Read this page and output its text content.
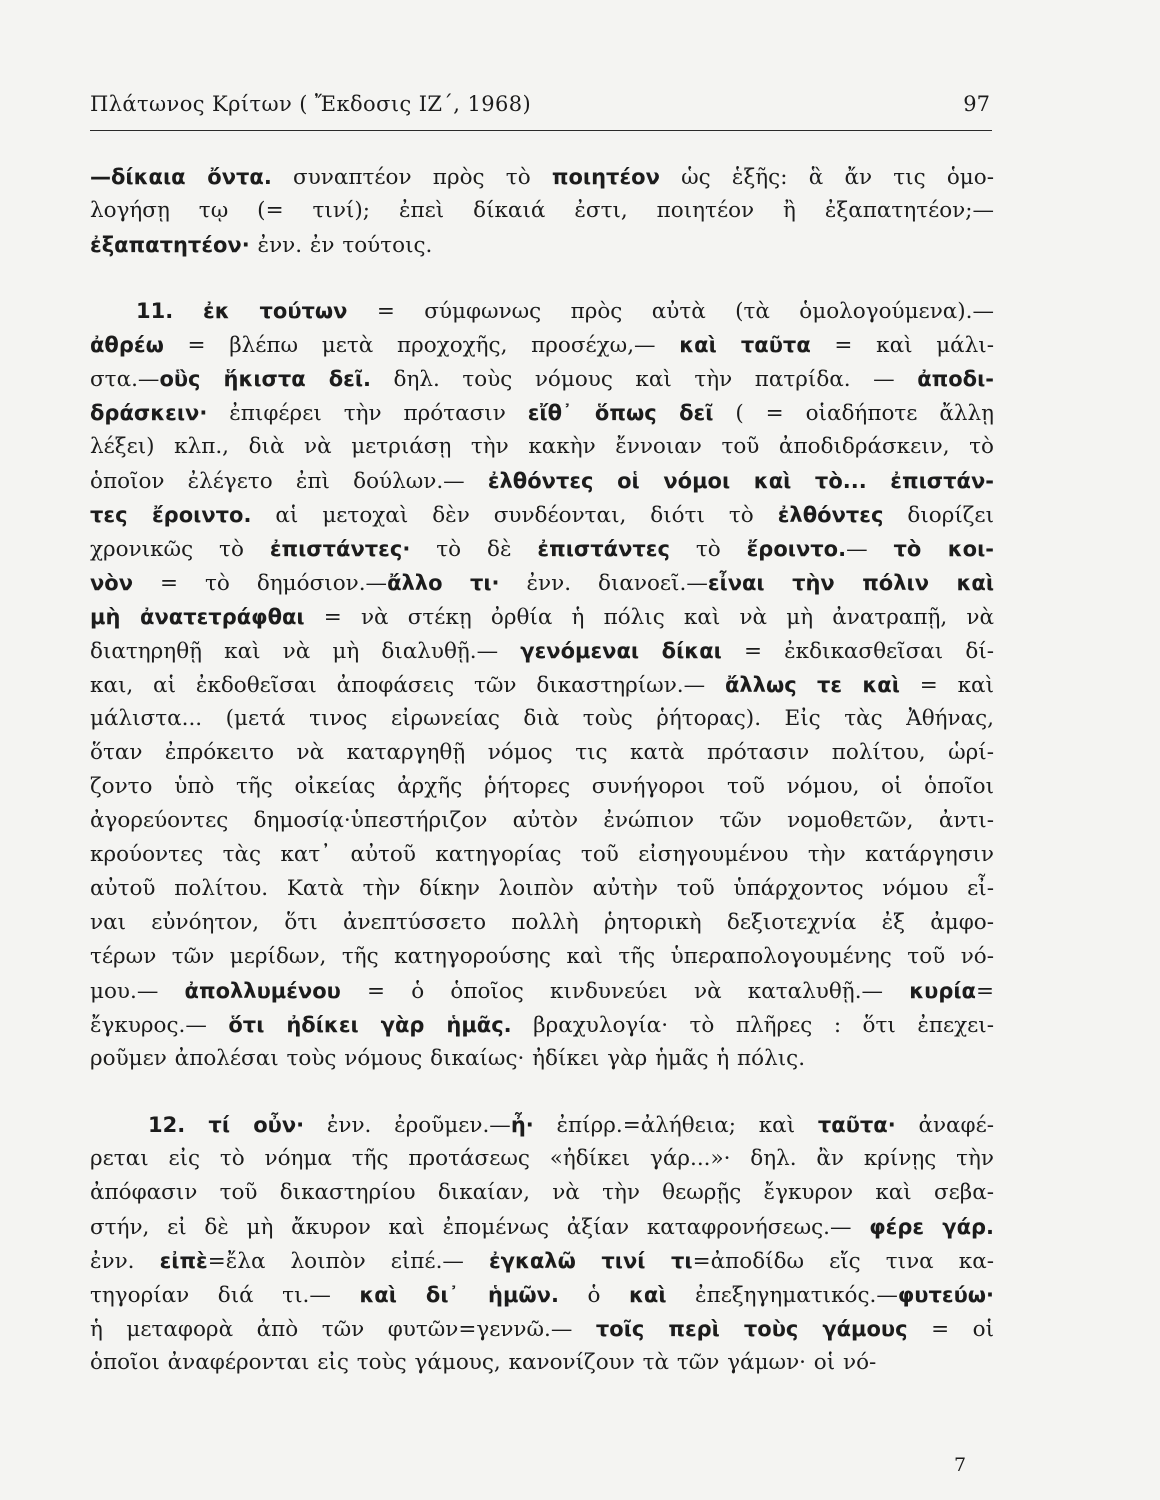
Πλάτωνος Κρίτων ( Ἔκδοσις ΙΖ΄, 1968)	97
—δίκαια ὄντα. συναπτέον πρὸς τὸ ποιητέον ὡς ἑξῆς: ἃ ἄν τις ὁμο-
λογήσῃ τῳ (= τινί); ἐπεὶ δίκαιά ἐστι, ποιητέον ἢ ἐξαπατητέον;—
ἐξαπατητέον· ἐνν. ἐν τούτοις.
11. ἐκ τούτων = σύμφωνως πρὸς αὐτὰ (τὰ ὁμολογούμενα).—
ἀθρέω = βλέπω μετὰ προχοχῆς, προσέχω,— καὶ ταῦτα = καὶ μάλι-
στα.—οὓς ἥκιστα δεῖ. δηλ. τοὺς νόμους καὶ τὴν πατρίδα. — ἀποδι-
δράσκειν· ἐπιφέρει τὴν πρότασιν εἴθ᾽ ὅπως δεῖ ( = οἱαδήποτε ἄλλῃ
λέξει) κλπ., διὰ νὰ μετριάσῃ τὴν κακὴν ἔννοιαν τοῦ ἀποδιδράσκειν, τὸ
ὁποῖον ἐλέγετο ἐπὶ δούλων.— ἐλθόντες οἱ νόμοι καὶ τὸ... ἐπιστάν-
τες ἔροιντο. αἱ μετοχαὶ δὲν συνδέονται, διότι τὸ ἐλθόντες διορίζει
χρονικῶς τὸ ἐπιστάντες· τὸ δὲ ἐπιστάντες τὸ ἔροιντο.— τὸ κοι-
νὸν = τὸ δημόσιον.—ἄλλο τι· ἐνν. διανοεῖ.—εἶναι τὴν πόλιν καὶ
μὴ ἀνατετράφθαι = νὰ στέκῃ ὀρθία ἡ πόλις καὶ νὰ μὴ ἀνατραπῇ, νὰ
διατηρηθῇ καὶ νὰ μὴ διαλυθῇ.— γενόμεναι δίκαι = ἐκδικασθεῖσαι δί-
και, αἱ ἐκδοθεῖσαι ἀποφάσεις τῶν δικαστηρίων.— ἄλλως τε καὶ = καὶ
μάλιστα... (μετά τινος εἰρωνείας διὰ τοὺς ῥήτορας). Εἰς τὰς Ἀθήνας,
ὅταν ἐπρόκειτο νὰ καταργηθῇ νόμος τις κατὰ πρότασιν πολίτου, ὡρί-
ζοντο ὑπὸ τῆς οἰκείας ἀρχῆς ῥήτορες συνήγοροι τοῦ νόμου, οἱ ὁποῖοι
ἀγορεύοντες δημοσίᾳ·ὑπεστήριζον αὐτὸν ἐνώπιον τῶν νομοθετῶν, ἀντι-
κρούοντες τὰς κατ᾽ αὐτοῦ κατηγορίας τοῦ εἰσηγουμένου τὴν κατάργησιν
αὐτοῦ πολίτου. Κατὰ τὴν δίκην λοιπὸν αὐτὴν τοῦ ὑπάρχοντος νόμου εἶ-
ναι εὐνόητον, ὅτι ἀνεπτύσσετο πολλὴ ῥητορικὴ δεξιοτεχνία ἐξ ἀμφο-
τέρων τῶν μερίδων, τῆς κατηγορούσης καὶ τῆς ὑπεραπολογουμένης τοῦ νό-
μου.— ἀπολλυμένου = ὁ ὁποῖος κινδυνεύει νὰ καταλυθῇ.— κυρία=
ἔγκυρος.— ὅτι ἠδίκει γὰρ ἡμᾶς. βραχυλογία· τὸ πλῆρες : ὅτι ἐπεχει-
ροῦμεν ἀπολέσαι τοὺς νόμους δικαίως· ἠδίκει γὰρ ἡμᾶς ἡ πόλις.
12. τί οὖν· ἐνν. ἐροῦμεν.—ἦ· ἐπίρρ.=ἀλήθεια; καὶ ταῦτα· ἀναφέ-
ρεται εἰς τὸ νόημα τῆς προτάσεως «ἠδίκει γάρ...»· δηλ. ἂν κρίνῃς τὴν
ἀπόφασιν τοῦ δικαστηρίου δικαίαν, νὰ τὴν θεωρῇς ἔγκυρον καὶ σεβα-
στήν, εἰ δὲ μὴ ἄκυρον καὶ ἐπομένως ἀξίαν καταφρονήσεως.— φέρε γάρ.
ἐνν. εἰπὲ=ἔλα λοιπὸν εἰπέ.— ἐγκαλῶ τινί τι=ἀποδίδω εἴς τινα κα-
τηγορίαν διά τι.— καὶ δι᾽ ἡμῶν. ὁ καὶ ἐπεξηγηματικός.—φυτεύω·
ἡ μεταφορὰ ἀπὸ τῶν φυτῶν=γεννῶ.— τοῖς περὶ τοὺς γάμους = οἱ
ὁποῖοι ἀναφέρονται εἰς τοὺς γάμους, κανονίζουν τὰ τῶν γάμων· οἱ νό-
7
